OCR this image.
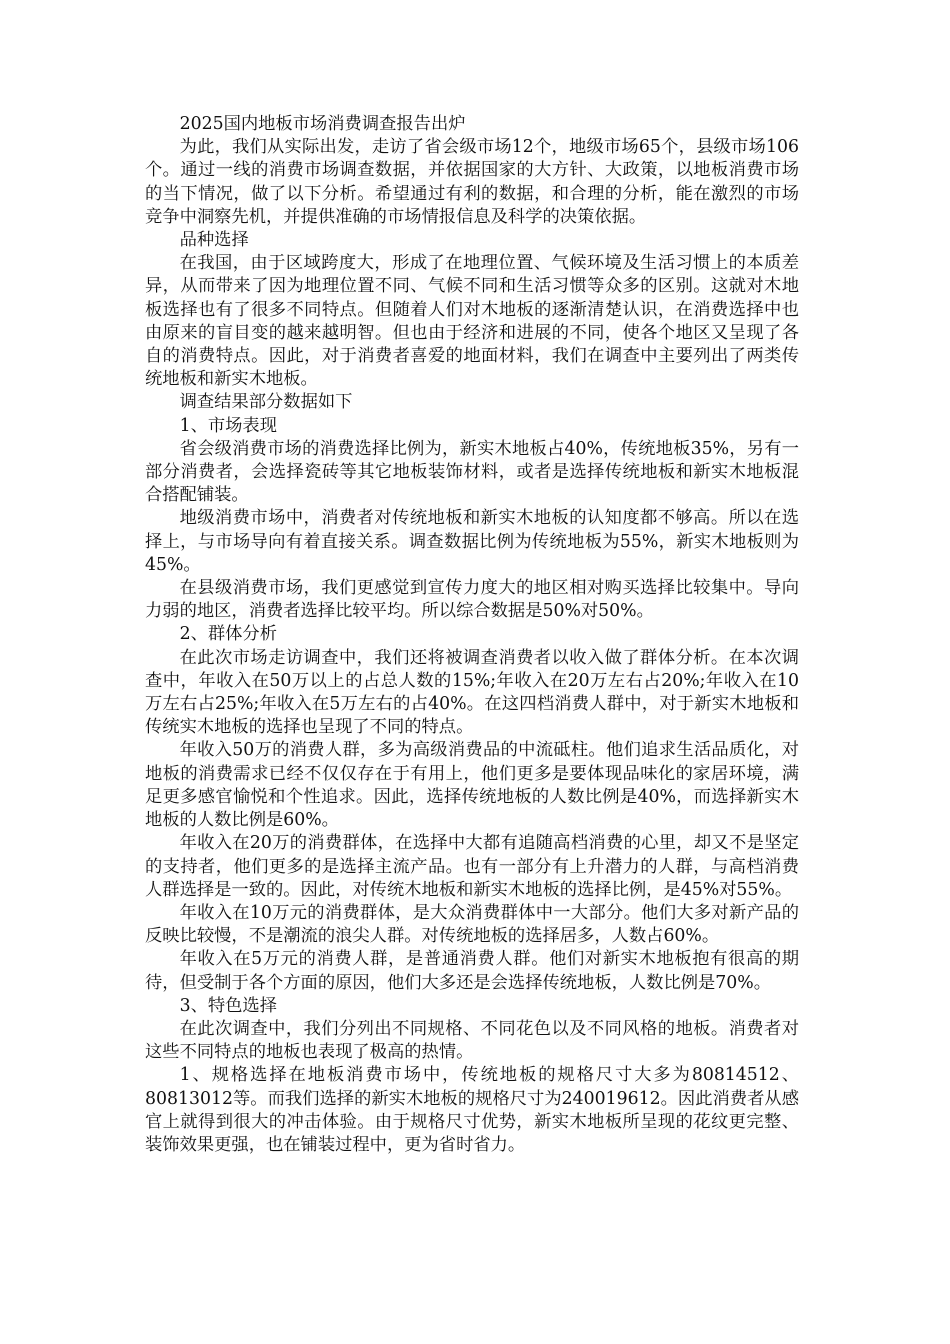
2025国内地板市场消费调查报告出炉

为此，我们从实际出发，走访了省会级市场12个，地级市场65个，县级市场106个。通过一线的消费市场调查数据，并依据国家的大方针、大政策，以地板消费市场的当下情况，做了以下分析。希望通过有利的数据，和合理的分析，能在激烈的市场竞争中洞察先机，并提供准确的市场情报信息及科学的决策依据。

品种选择

在我国，由于区域跨度大，形成了在地理位置、气候环境及生活习惯上的本质差异，从而带来了因为地理位置不同、气候不同和生活习惯等众多的区别。这就对木地板选择也有了很多不同特点。但随着人们对木地板的逐渐清楚认识，在消费选择中也由原来的盲目变的越来越明智。但也由于经济和进展的不同，使各个地区又呈现了各自的消费特点。因此，对于消费者喜爱的地面材料，我们在调查中主要列出了两类传统地板和新实木地板。

调查结果部分数据如下

1、市场表现

省会级消费市场的消费选择比例为，新实木地板占40%，传统地板35%，另有一部分消费者，会选择瓷砖等其它地板装饰材料，或者是选择传统地板和新实木地板混合搭配铺装。

地级消费市场中，消费者对传统地板和新实木地板的认知度都不够高。所以在选择上，与市场导向有着直接关系。调查数据比例为传统地板为55%，新实木地板则为45%。

在县级消费市场，我们更感觉到宣传力度大的地区相对购买选择比较集中。导向力弱的地区，消费者选择比较平均。所以综合数据是50%对50%。

2、群体分析

在此次市场走访调查中，我们还将被调查消费者以收入做了群体分析。在本次调查中，年收入在50万以上的占总人数的15%;年收入在20万左右占20%;年收入在10万左右占25%;年收入在5万左右的占40%。在这四档消费人群中，对于新实木地板和传统实木地板的选择也呈现了不同的特点。

年收入50万的消费人群，多为高级消费品的中流砥柱。他们追求生活品质化，对地板的消费需求已经不仅仅存在于有用上，他们更多是要体现品味化的家居环境，满足更多感官愉悦和个性追求。因此，选择传统地板的人数比例是40%，而选择新实木地板的人数比例是60%。

年收入在20万的消费群体，在选择中大都有追随高档消费的心里，却又不是坚定的支持者，他们更多的是选择主流产品。也有一部分有上升潜力的人群，与高档消费人群选择是一致的。因此，对传统木地板和新实木地板的选择比例，是45%对55%。

年收入在10万元的消费群体，是大众消费群体中一大部分。他们大多对新产品的反映比较慢，不是潮流的浪尖人群。对传统地板的选择居多，人数占60%。

年收入在5万元的消费人群，是普通消费人群。他们对新实木地板抱有很高的期待，但受制于各个方面的原因，他们大多还是会选择传统地板，人数比例是70%。

3、特色选择

在此次调查中，我们分列出不同规格、不同花色以及不同风格的地板。消费者对这些不同特点的地板也表现了极高的热情。

1、规格选择在地板消费市场中，传统地板的规格尺寸大多为80814512、80813012等。而我们选择的新实木地板的规格尺寸为240019612。因此消费者从感官上就得到很大的冲击体验。由于规格尺寸优势，新实木地板所呈现的花纹更完整、装饰效果更强，也在铺装过程中，更为省时省力。
